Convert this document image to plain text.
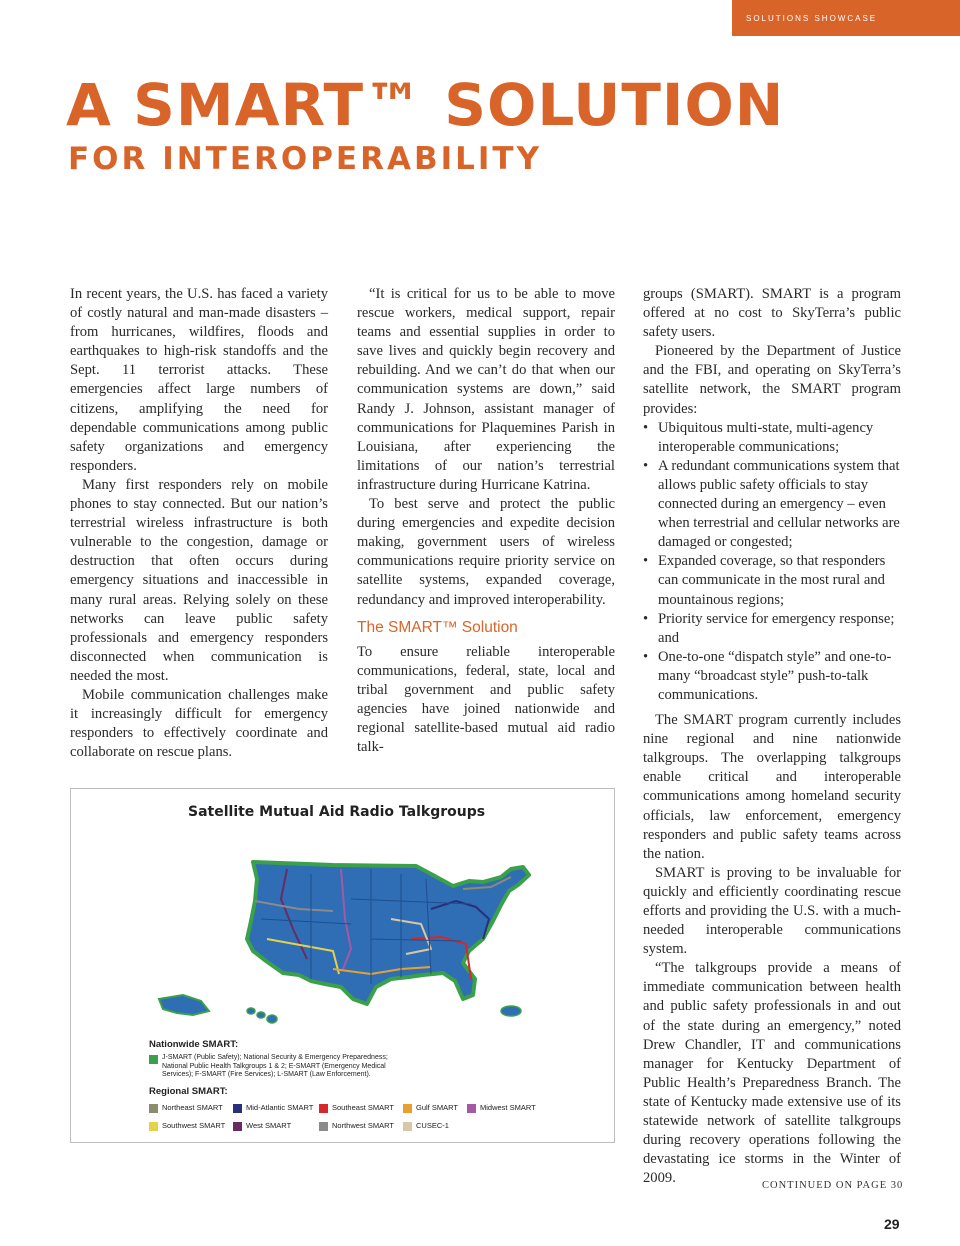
SOLUTIONS SHOWCASE
A SMART™ SOLUTION
FOR INTEROPERABILITY

In recent years, the U.S. has faced a variety of costly natural and man-made disasters – from hurricanes, wildfires, floods and earthquakes to high-risk standoffs and the Sept. 11 terrorist attacks. These emergencies affect large numbers of citizens, amplifying the need for dependable communications among public safety organizations and emergency responders.

Many first responders rely on mobile phones to stay connected. But our nation’s terrestrial wireless infrastructure is both vulnerable to the congestion, damage or destruction that often occurs during emergency situations and inaccessible in many rural areas. Relying solely on these networks can leave public safety professionals and emergency responders disconnected when communication is needed the most.

Mobile communication challenges make it increasingly difficult for emergency responders to effectively coordinate and collaborate on rescue plans.

“It is critical for us to be able to move rescue workers, medical support, repair teams and essential supplies in order to save lives and quickly begin recovery and rebuilding. And we can’t do that when our communication systems are down,” said Randy J. Johnson, assistant manager of communications for Plaquemines Parish in Louisiana, after experiencing the limitations of our nation’s terrestrial infrastructure during Hurricane Katrina.

To best serve and protect the public during emergencies and expedite decision making, government users of wireless communications require priority service on satellite systems, expanded coverage, redundancy and improved interoperability.

The SMART™ Solution

To ensure reliable interoperable communications, federal, state, local and tribal government and public safety agencies have joined nationwide and regional satellite-based mutual aid radio talk-

groups (SMART). SMART is a program offered at no cost to SkyTerra’s public safety users.

Pioneered by the Department of Justice and the FBI, and operating on SkyTerra’s satellite network, the SMART program provides:

• Ubiquitous multi-state, multi-agency interoperable communications;
• A redundant communications system that allows public safety officials to stay connected during an emergency – even when terrestrial and cellular networks are damaged or congested;
• Expanded coverage, so that responders can communicate in the most rural and mountainous regions;
• Priority service for emergency response; and
• One-to-one “dispatch style” and one-to-many “broadcast style” push-to-talk communications.

The SMART program currently includes nine regional and nine nationwide talkgroups. The overlapping talkgroups enable critical and interoperable communications among homeland security officials, law enforcement, emergency responders and public safety teams across the nation.

SMART is proving to be invaluable for quickly and efficiently coordinating rescue efforts and providing the U.S. with a much-needed interoperable communications system.

“The talkgroups provide a means of immediate communication between health and public safety professionals in and out of the state during an emergency,” noted Drew Chandler, IT and communications manager for Kentucky Department of Public Health’s Preparedness Branch. The state of Kentucky made extensive use of its statewide network of satellite talkgroups during recovery operations following the devastating ice storms in the Winter of 2009.

Satellite Mutual Aid Radio Talkgroups
Nationwide SMART:
J-SMART (Public Safety); National Security & Emergency Preparedness; National Public Health Talkgroups 1 & 2; E-SMART (Emergency Medical Services); F-SMART (Fire Services); L-SMART (Law Enforcement).
Regional SMART:
Northeast SMART	Mid-Atlantic SMART Southeast SMART	Gulf SMART	Midwest SMART
Southwest SMART	West SMART	Northwest SMART	CUSEC-1
CONTINUED ON PAGE 30
29
